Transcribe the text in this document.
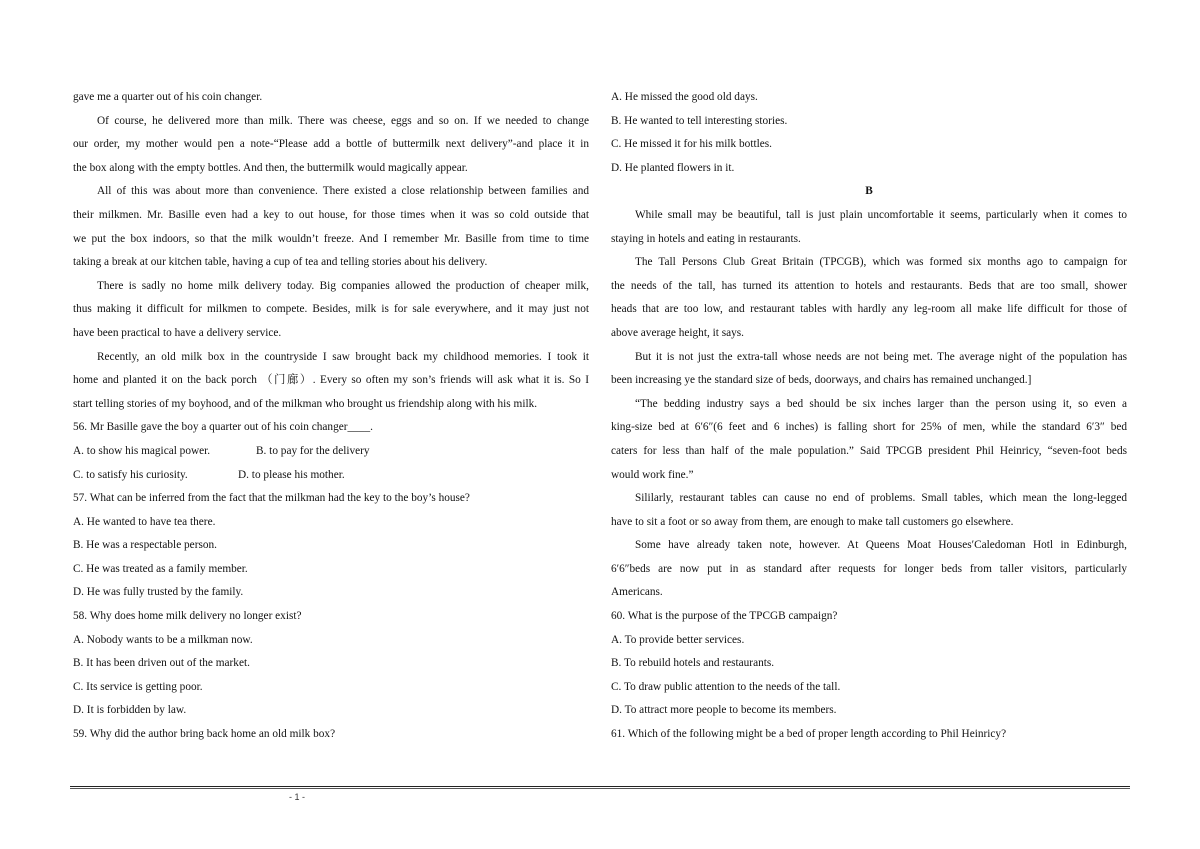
gave me a quarter out of his coin changer.
Of course, he delivered more than milk. There was cheese, eggs and so on. If we needed to change
our order, my mother would pen a note-“Please add a bottle of buttermilk next delivery”-and place it in
the box along with the empty bottles. And then, the buttermilk would magically appear.
All of this was about more than convenience. There existed a close relationship between families and
their milkmen. Mr. Basille even had a key to out house, for those times when it was so cold outside that
we put the box indoors, so that the milk wouldn’t freeze. And I remember Mr. Basille from time to time
taking a break at our kitchen table, having a cup of tea and telling stories about his delivery.
There is sadly no home milk delivery today. Big companies allowed the production of cheaper milk,
thus making it difficult for milkmen to compete. Besides, milk is for sale everywhere, and it may just not
have been practical to have a delivery service.
Recently, an old milk box in the countryside I saw brought back my childhood memories. I took it
home and planted it on the back porch （门廊）. Every so often my son’s friends will ask what it is. So I
start telling stories of my boyhood, and of the milkman who brought us friendship along with his milk.
56. Mr Basille gave the boy a quarter out of his coin changer____.
A. to show his magical power.	B. to pay for the delivery
C. to satisfy his curiosity.	D. to please his mother.
57. What can be inferred from the fact that the milkman had the key to the boy’s house?
A. He wanted to have tea there.
B. He was a respectable person.
C. He was treated as a family member.
D. He was fully trusted by the family.
58. Why does home milk delivery no longer exist?
A. Nobody wants to be a milkman now.
B. It has been driven out of the market.
C. Its service is getting poor.
D. It is forbidden by law.
59. Why did the author bring back home an old milk box?
A. He missed the good old days.
B. He wanted to tell interesting stories.
C. He missed it for his milk bottles.
D. He planted flowers in it.
B
While small may be beautiful, tall is just plain uncomfortable it seems, particularly when it comes to
staying in hotels and eating in restaurants.
The Tall Persons Club Great Britain (TPCGB), which was formed six months ago to campaign for
the needs of the tall, has turned its attention to hotels and restaurants. Beds that are too small, shower
heads that are too low, and restaurant tables with hardly any leg-room all make life difficult for those of
above average height, it says.
But it is not just the extra-tall whose needs are not being met. The average night of the population has
been increasing ye the standard size of beds, doorways, and chairs has remained unchanged.]
“The bedding industry says a bed should be six inches larger than the person using it, so even a
king-size bed at 6′6″(6 feet and 6 inches) is falling short for 25% of men, while the standard 6′3″ bed
caters for less than half of the male population.” Said TPCGB president Phil Heinricy, “seven-foot beds
would work fine.”
Sililarly, restaurant tables can cause no end of problems. Small tables, which mean the long-legged
have to sit a foot or so away from them, are enough to make tall customers go elsewhere.
Some have already taken note, however. At Queens Moat Houses′Caledoman Hotl in Edinburgh,
6′6″beds are now put in as standard after requests for longer beds from taller visitors, particularly
Americans.
60. What is the purpose of the TPCGB campaign?
A. To provide better services.
B. To rebuild hotels and restaurants.
C. To draw public attention to the needs of the tall.
D. To attract more people to become its members.
61. Which of the following might be a bed of proper length according to Phil Heinricy?
- 1 -
